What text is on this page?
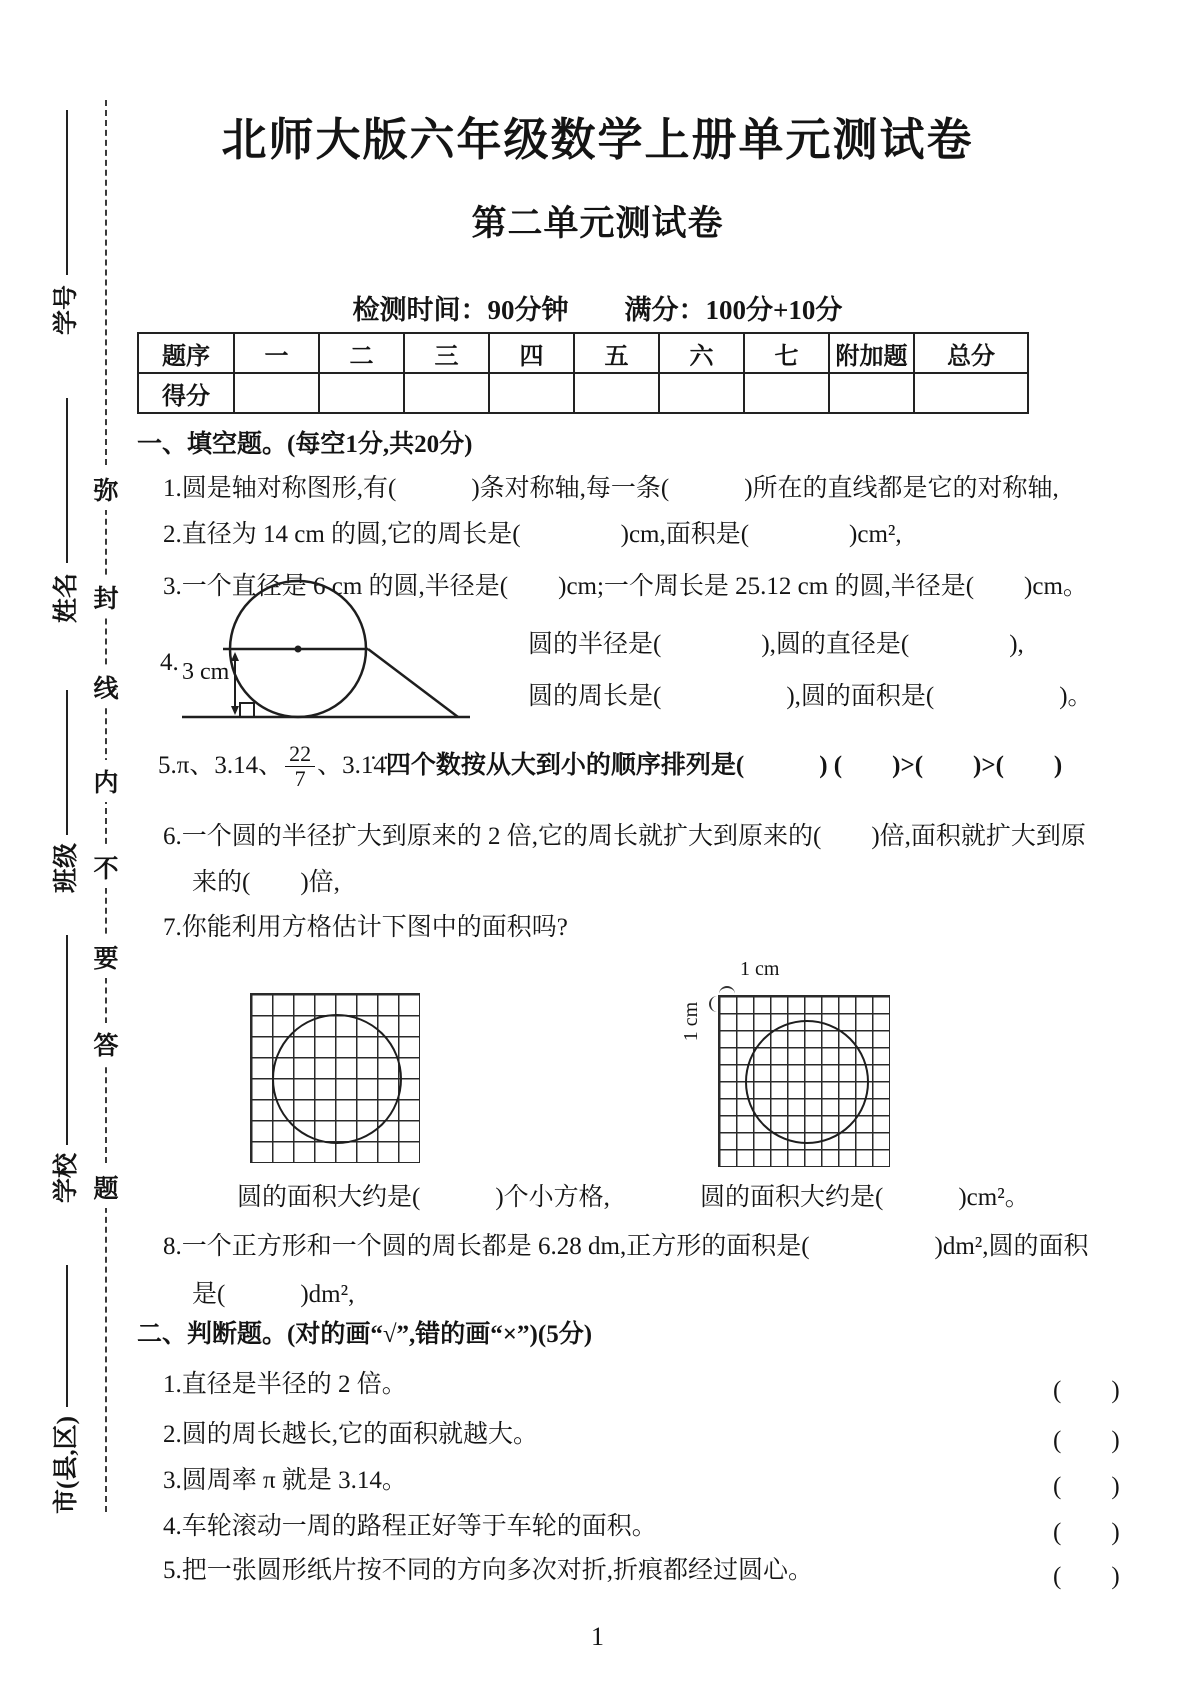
学号
姓名
班级
学校
市(县,区)
弥
封
线
内
不
要
答
题
北师大版六年级数学上册单元测试卷
第二单元测试卷
检测时间：90分钟 满分：100分+10分
题序	一	二	三	四	五	六	七	附加题	总分
得分									
一、填空题。(每空1分,共20分)
1.圆是轴对称图形,有(　　　)条对称轴,每一条(　　　)所在的直线都是它的对称轴,
2.直径为 14 cm 的圆,它的周长是(　　　　)cm,面积是(　　　　)cm²,
3.一个直径是 6 cm 的圆,半径是(　　)cm;一个周长是 25.12 cm 的圆,半径是(　　)cm。
4. 3 cm
圆的半径是(　　　　),圆的直径是(　　　　),
圆的周长是(　　　　　),圆的面积是(　　　　　)。
5.π、3.14、 $\frac{22}{7}$ 、3.1̇4̇ 四个数按从大到小的顺序排列是(　　　) (　　)>(　　)>(　　)
6.一个圆的半径扩大到原来的 2 倍,它的周长就扩大到原来的(　　)倍,面积就扩大到原
来的(　　)倍,
7.你能利用方格估计下图中的面积吗?
1 cm
1 cm
圆的面积大约是(　　　)个小方格,	圆的面积大约是(　　　)cm²。
8.一个正方形和一个圆的周长都是 6.28 dm,正方形的面积是(　　　　　)dm²,圆的面积
是(　　　)dm²,
二、判断题。(对的画“√”,错的画“×”)(5分)
1.直径是半径的 2 倍。	(　　)
2.圆的周长越长,它的面积就越大。	(　　)
3.圆周率 π 就是 3.14。	(　　)
4.车轮滚动一周的路程正好等于车轮的面积。	(　　)
5.把一张圆形纸片按不同的方向多次对折,折痕都经过圆心。	(　　)
1
